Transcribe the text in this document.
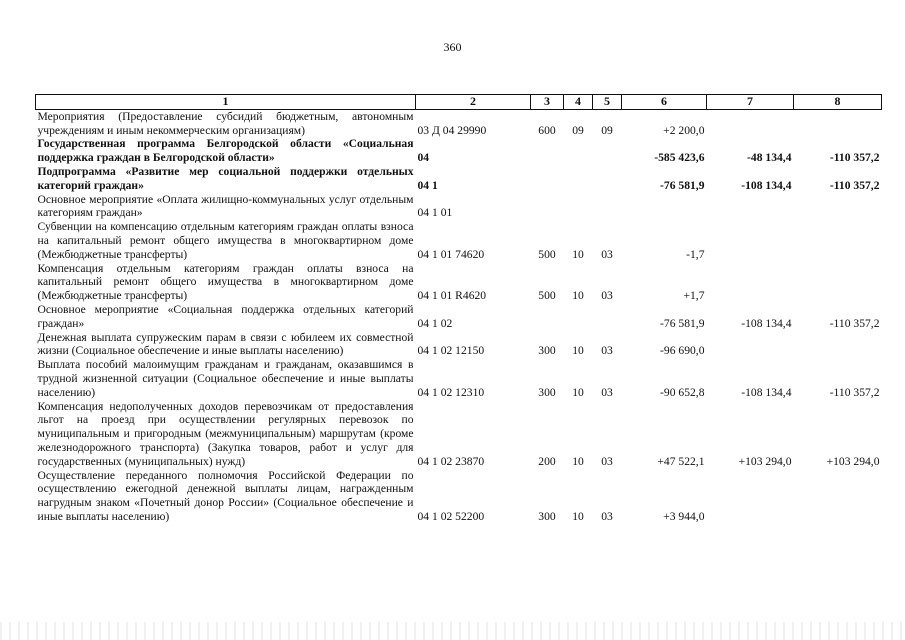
360
1	2	3	4	5	6	7	8
Мероприятия (Предоставление субсидий бюджетным, автономным учреждениям и иным некоммерческим организациям)	03 Д 04 29990	600	09	09	+2 200,0		
Государственная программа Белгородской области «Социальная поддержка граждан в Белгородской области»	04				-585 423,6	-48 134,4	-110 357,2
Подпрограмма «Развитие мер социальной поддержки отдельных категорий граждан»	04 1				-76 581,9	-108 134,4	-110 357,2
Основное мероприятие «Оплата жилищно-коммунальных услуг отдельным категориям граждан»	04 1 01						
Субвенции на компенсацию отдельным категориям граждан оплаты взноса на капитальный ремонт общего имущества в многоквартирном доме (Межбюджетные трансферты)	04 1 01 74620	500	10	03	-1,7		
Компенсация отдельным категориям граждан оплаты взноса на капитальный ремонт общего имущества в многоквартирном доме (Межбюджетные трансферты)	04 1 01 R4620	500	10	03	+1,7		
Основное мероприятие «Социальная поддержка отдельных категорий граждан»	04 1 02				-76 581,9	-108 134,4	-110 357,2
Денежная выплата супружеским парам в связи с юбилеем их совместной жизни (Социальное обеспечение и иные выплаты населению)	04 1 02 12150	300	10	03	-96 690,0		
Выплата пособий малоимущим гражданам и гражданам, оказавшимся в трудной жизненной ситуации (Социальное обеспечение и иные выплаты населению)	04 1 02 12310	300	10	03	-90 652,8	-108 134,4	-110 357,2
Компенсация недополученных доходов перевозчикам от предоставления льгот на проезд при осуществлении регулярных перевозок по муниципальным и пригородным (межмуниципальным) маршрутам (кроме железнодорожного транспорта) (Закупка товаров, работ и услуг для государственных (муниципальных) нужд)	04 1 02 23870	200	10	03	+47 522,1	+103 294,0	+103 294,0
Осуществление переданного полномочия Российской Федерации по осуществлению ежегодной денежной выплаты лицам, награжденным нагрудным знаком «Почетный донор России» (Социальное обеспечение и иные выплаты населению)	04 1 02 52200	300	10	03	+3 944,0		
